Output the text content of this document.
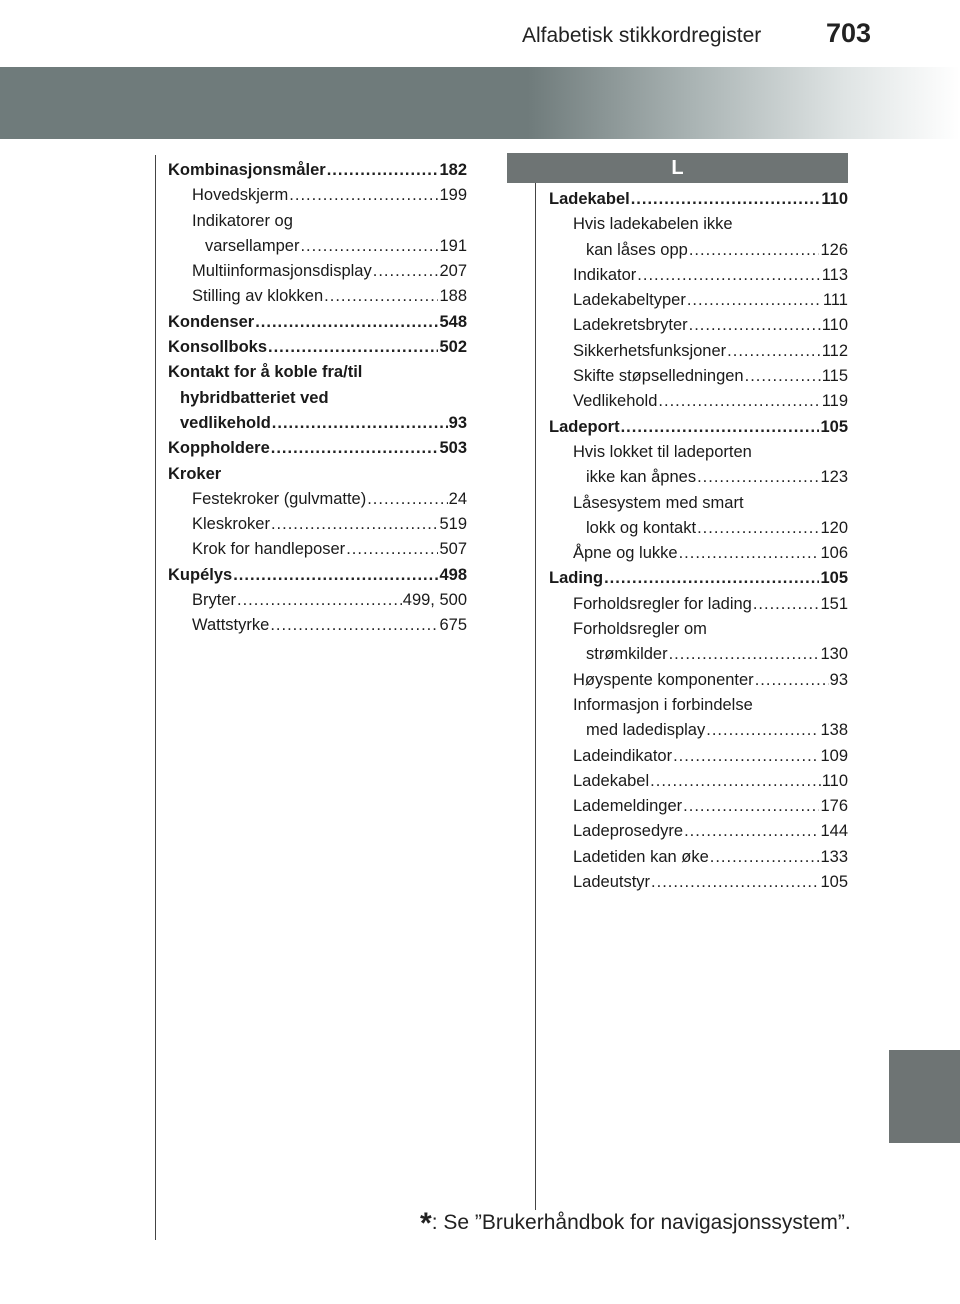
Alfabetisk stikkordregister 703
Kombinasjonsmåler .....	182
Hovedskjerm .....	199
Indikatorer og
varsellamper .....	191
Multiinformasjonsdisplay .....	207
Stilling av klokken .....	188
Kondenser .....	548
Konsollboks .....	502
Kontakt for å koble fra/til
hybridbatteriet ved
vedlikehold .....	93
Koppholdere .....	503
Kroker
Festekroker (gulvmatte) .....	24
Kleskroker .....	519
Krok for handleposer .....	507
Kupélys .....	498
Bryter .....	499, 500
Wattstyrke .....	675
L
Ladekabel .....	110
Hvis ladekabelen ikke
kan låses opp .....	126
Indikator .....	113
Ladekabeltyper .....	111
Ladekretsbryter .....	110
Sikkerhetsfunksjoner .....	112
Skifte støpselledningen .....	115
Vedlikehold .....	119
Ladeport .....	105
Hvis lokket til ladeporten
ikke kan åpnes .....	123
Låsesystem med smart
lokk og kontakt .....	120
Åpne og lukke .....	106
Lading .....	105
Forholdsregler for lading .....	151
Forholdsregler om
strømkilder .....	130
Høyspente komponenter .....	93
Informasjon i forbindelse
med ladedisplay .....	138
Ladeindikator .....	109
Ladekabel .....	110
Lademeldinger .....	176
Ladeprosedyre .....	144
Ladetiden kan øke .....	133
Ladeutstyr .....	105
*: Se ”Brukerhåndbok for navigasjonssystem”.
